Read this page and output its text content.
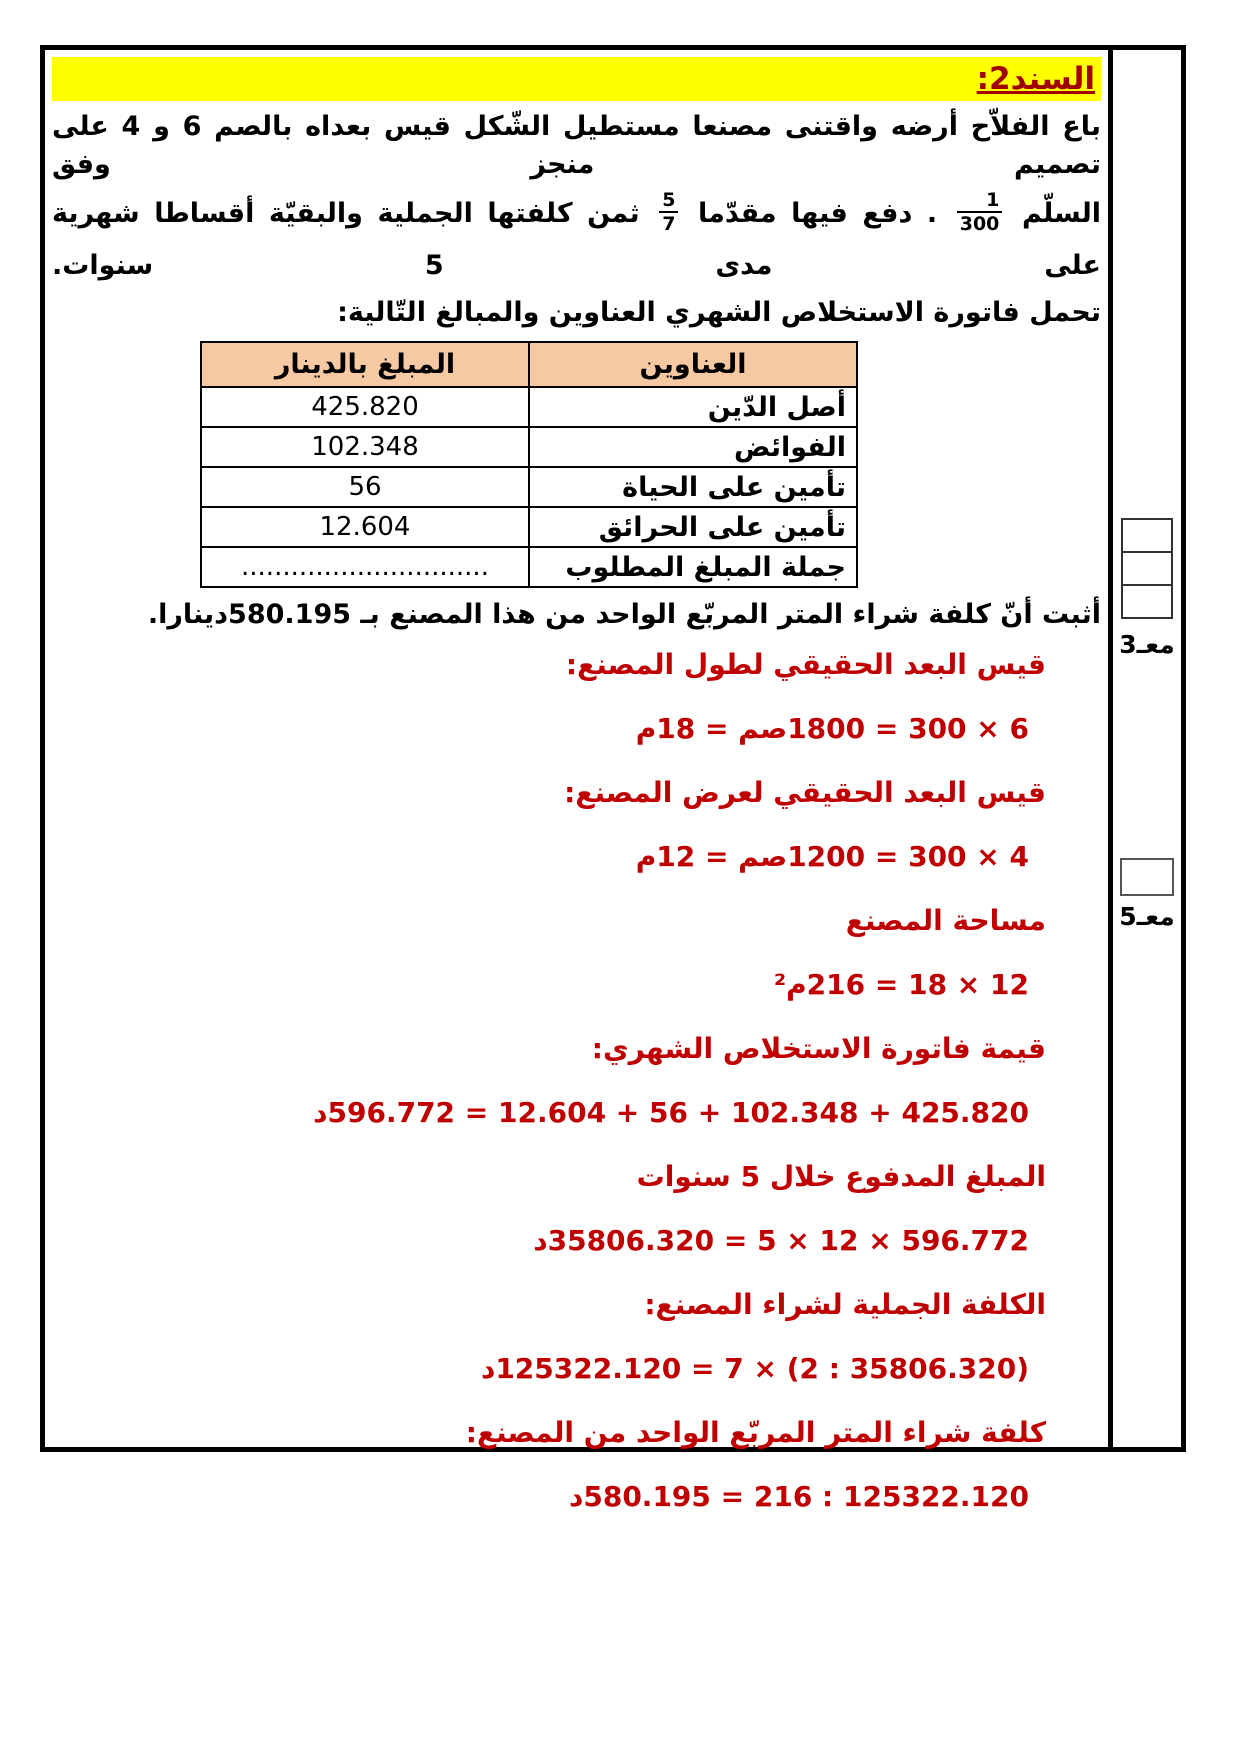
معـ3
معـ5
السند2:
باع الفلاّح أرضه واقتنى مصنعا مستطيل الشّكل قيس بعداه بالصم 6 و 4 على تصميم منجز وفق
السلّم
$\frac{1}{300}$
. دفع فيها مقدّما
$\frac{5}{7}$
ثمن كلفتها الجملية والبقيّة أقساطا شهرية على مدى 5 سنوات.
تحمل فاتورة الاستخلاص الشهري العناوين والمبالغ التّالية:
العناوين	المبلغ بالدينار
أصل الدّين	425.820
الفوائض	102.348
تأمين على الحياة	56
تأمين على الحرائق	12.604
جملة المبلغ المطلوب	..............................
أثبت أنّ كلفة شراء المتر المربّع الواحد من هذا المصنع بـ 580.195دينارا.
قيس البعد الحقيقي لطول المصنع:
6 × 300 = 1800صم = 18م
قيس البعد الحقيقي لعرض المصنع:
4 × 300 = 1200صم = 12م
مساحة المصنع
12 × 18 = 216م²
قيمة فاتورة الاستخلاص الشهري:
425.820 + 102.348 + 56 + 12.604 = 596.772د
المبلغ المدفوع خلال 5 سنوات
596.772 × 12 × 5 = 35806.320د
الكلفة الجملية لشراء المصنع:
(35806.320 : 2) × 7 = 125322.120د
كلفة شراء المتر المربّع الواحد من المصنع:
125322.120 : 216 = 580.195د
